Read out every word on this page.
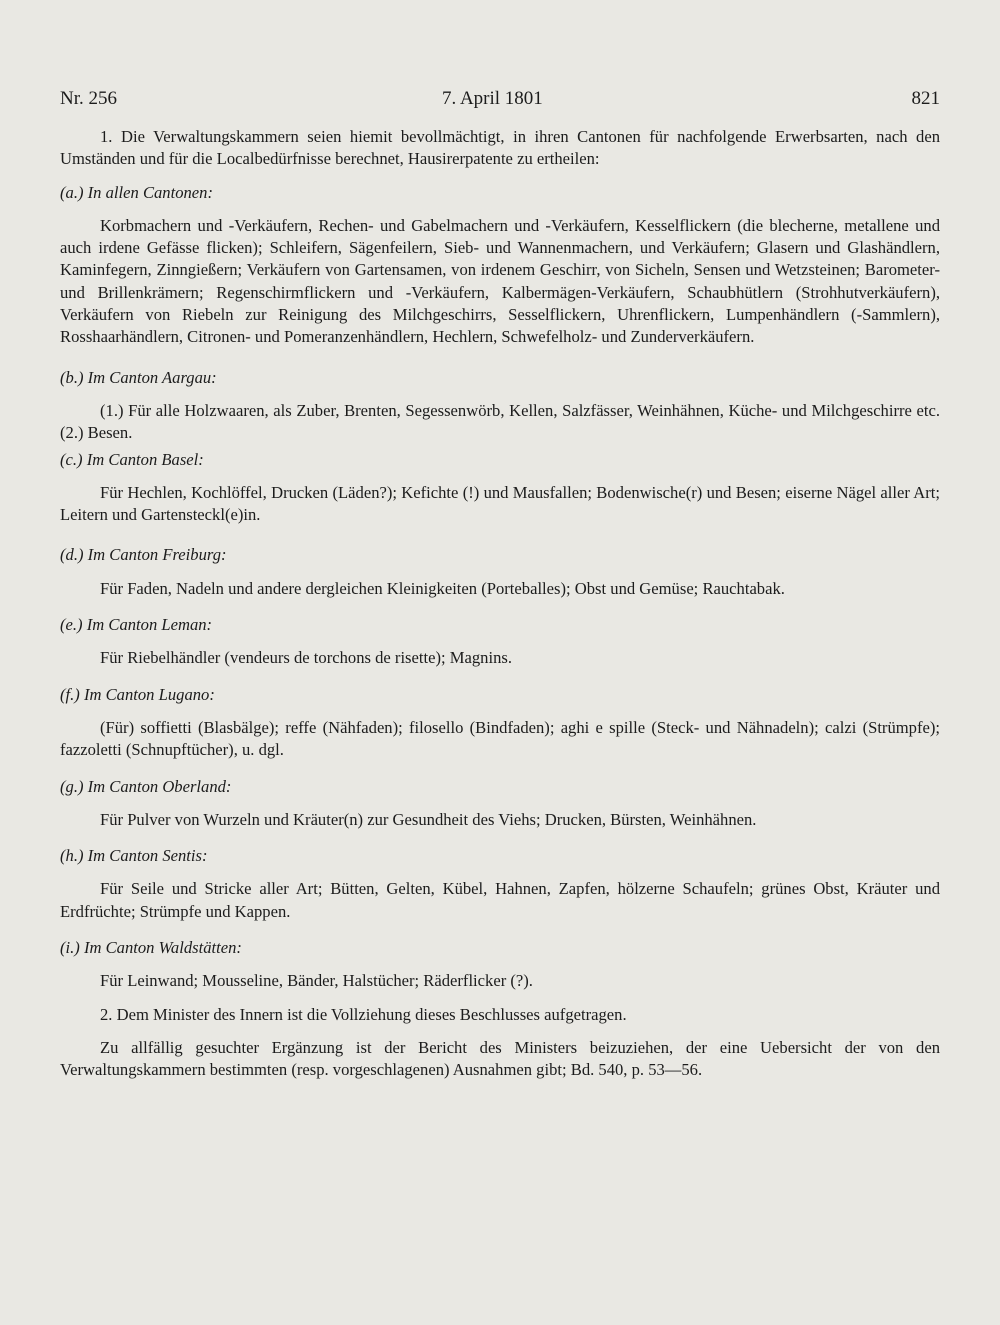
Nr. 256	7. April 1801	821

1. Die Verwaltungskammern seien hiemit bevollmächtigt, in ihren Cantonen für nachfolgende Erwerbsarten, nach den Umständen und für die Localbedürfnisse berechnet, Hausirerpatente zu ertheilen:

(a.) In allen Cantonen:

Korbmachern und -Verkäufern, Rechen- und Gabelmachern und -Verkäufern, Kesselflickern (die blecherne, metallene und auch irdene Gefässe flicken); Schleifern, Sägenfeilern, Sieb- und Wannenmachern, und Verkäufern; Glasern und Glashändlern, Kaminfegern, Zinngießern; Verkäufern von Gartensamen, von irdenem Geschirr, von Sicheln, Sensen und Wetzsteinen; Barometer- und Brillenkrämern; Regenschirmflickern und -Verkäufern, Kalbermägen-Verkäufern, Schaubhütlern (Strohhutverkäufern), Verkäufern von Riebeln zur Reinigung des Milchgeschirrs, Sesselflickern, Uhrenflickern, Lumpenhändlern (-Sammlern), Rosshaarhändlern, Citronen- und Pomeranzenhändlern, Hechlern, Schwefelholz- und Zunderverkäufern.

(b.) Im Canton Aargau:

(1.) Für alle Holzwaaren, als Zuber, Brenten, Segessenwörb, Kellen, Salzfässer, Weinhähnen, Küche- und Milchgeschirre etc. (2.) Besen.

(c.) Im Canton Basel:

Für Hechlen, Kochlöffel, Drucken (Läden?); Kefichte (!) und Mausfallen; Bodenwische(r) und Besen; eiserne Nägel aller Art; Leitern und Gartensteckl(e)in.

(d.) Im Canton Freiburg:

Für Faden, Nadeln und andere dergleichen Kleinigkeiten (Porteballes); Obst und Gemüse; Rauchtabak.

(e.) Im Canton Leman:

Für Riebelhändler (vendeurs de torchons de risette); Magnins.

(f.) Im Canton Lugano:

(Für) soffietti (Blasbälge); reffe (Nähfaden); filosello (Bindfaden); aghi e spille (Steck- und Nähnadeln); calzi (Strümpfe); fazzoletti (Schnupftücher), u. dgl.

(g.) Im Canton Oberland:

Für Pulver von Wurzeln und Kräuter(n) zur Gesundheit des Viehs; Drucken, Bürsten, Weinhähnen.

(h.) Im Canton Sentis:

Für Seile und Stricke aller Art; Bütten, Gelten, Kübel, Hahnen, Zapfen, hölzerne Schaufeln; grünes Obst, Kräuter und Erdfrüchte; Strümpfe und Kappen.

(i.) Im Canton Waldstätten:

Für Leinwand; Mousseline, Bänder, Halstücher; Räderflicker (?).

2. Dem Minister des Innern ist die Vollziehung dieses Beschlusses aufgetragen.

Zu allfällig gesuchter Ergänzung ist der Bericht des Ministers beizuziehen, der eine Uebersicht der von den Verwaltungskammern bestimmten (resp. vorgeschlagenen) Ausnahmen gibt; Bd. 540, p. 53—56.
